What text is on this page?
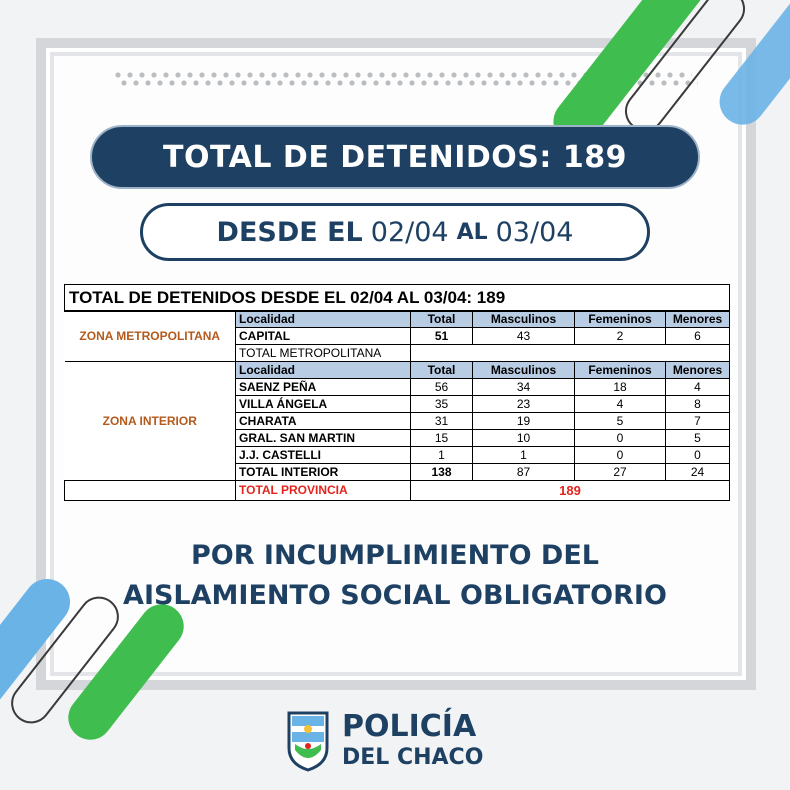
TOTAL DE DETENIDOS: 189
DESDE EL 02/04 AL 03/04
TOTAL DE DETENIDOS DESDE EL 02/04 AL 03/04: 189					
ZONA METROPOLITANA	Localidad	Total	Masculinos	Femeninos	Menores
	CAPITAL	51	43	2	6
	TOTAL METROPOLITANA				
ZONA INTERIOR	Localidad	Total	Masculinos	Femeninos	Menores
	SAENZ PEÑA	56	34	18	4
	VILLA ÁNGELA	35	23	4	8
	CHARATA	31	19	5	7
	GRAL. SAN MARTIN	15	10	0	5
	J.J. CASTELLI	1	1	0	0
	TOTAL INTERIOR	138	87	27	24
	TOTAL PROVINCIA	189			
POR INCUMPLIMIENTO DEL
AISLAMIENTO SOCIAL OBLIGATORIO
POLICÍA
DEL CHACO
